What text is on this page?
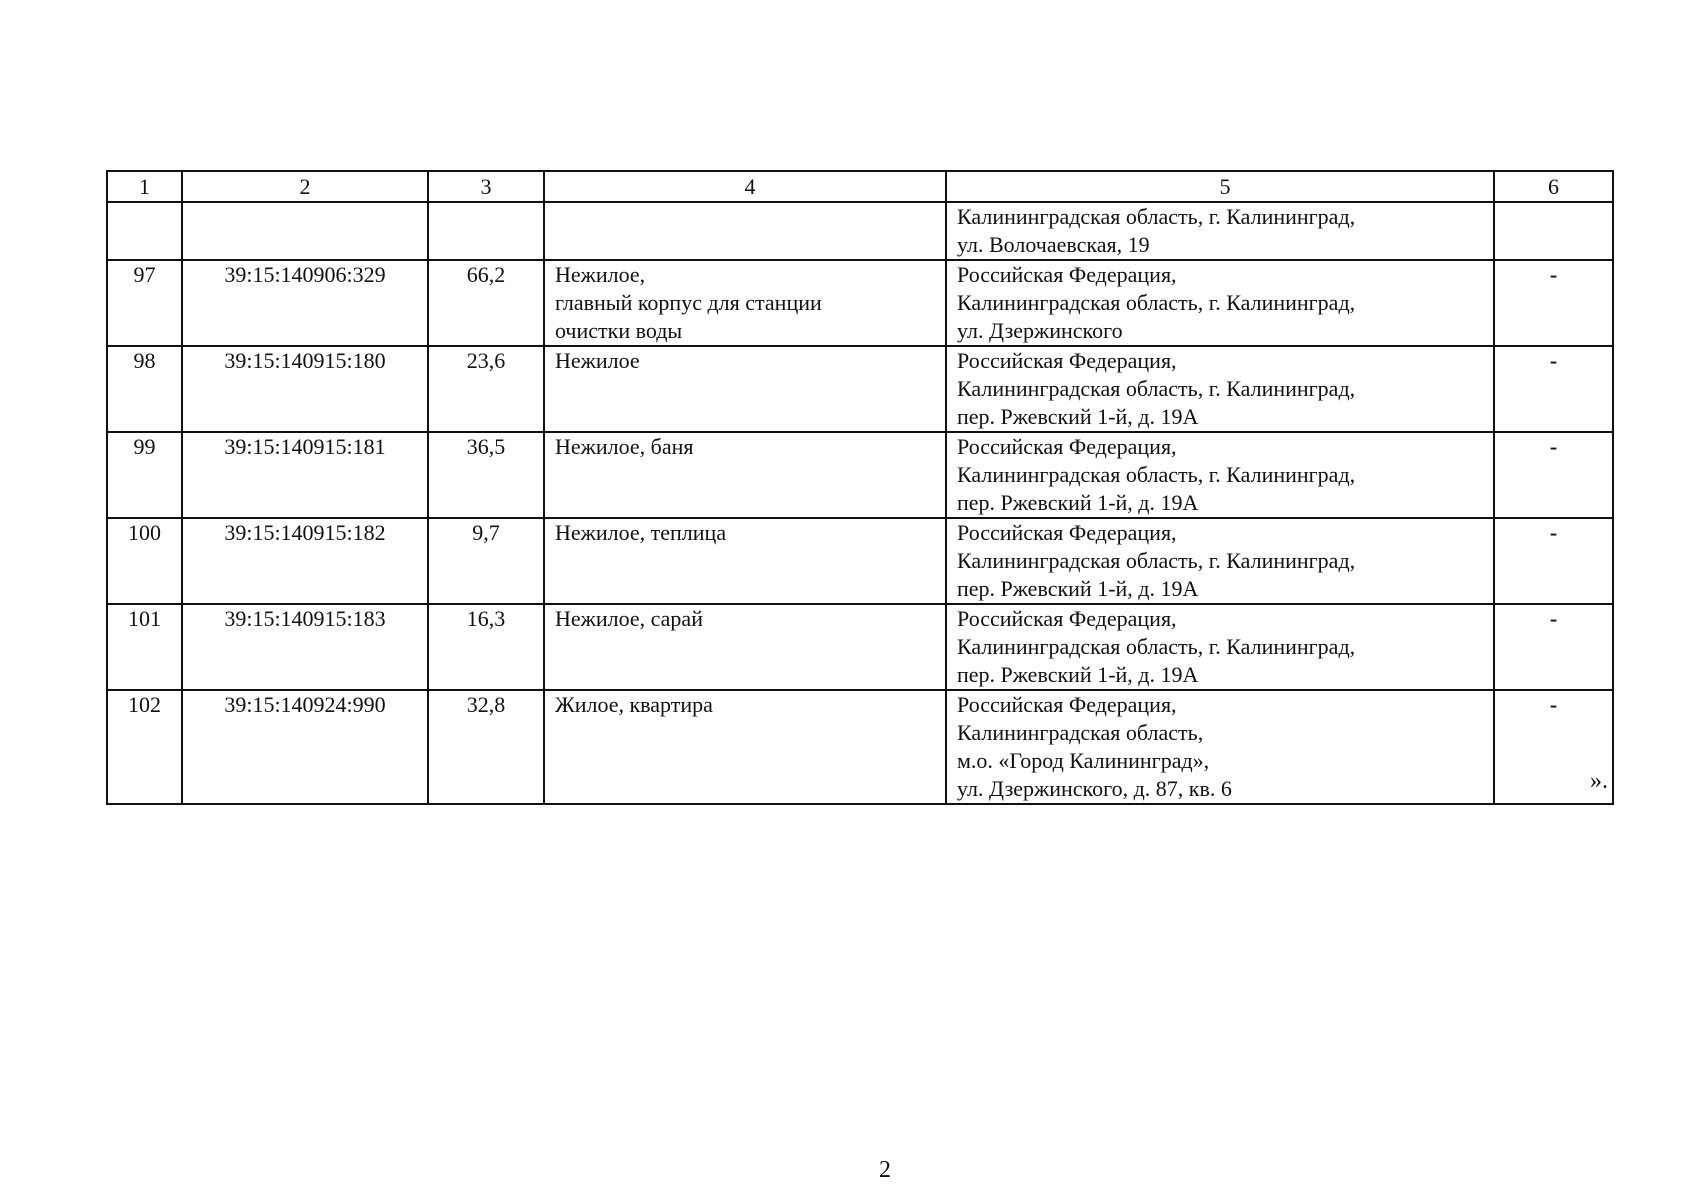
1	2	3	4	5	6

				Калининградская область, г. Калининград,
ул. Волочаевская, 19	

97	39:15:140906:329	66,2	Нежилое,
главный корпус для станции
очистки воды	Российская Федерация,
Калининградская область, г. Калининград,
ул. Дзержинского	-

98	39:15:140915:180	23,6	Нежилое	Российская Федерация,
Калининградская область, г. Калининград,
пер. Ржевский 1-й, д. 19А	-

99	39:15:140915:181	36,5	Нежилое, баня	Российская Федерация,
Калининградская область, г. Калининград,
пер. Ржевский 1-й, д. 19А	-

100	39:15:140915:182	9,7	Нежилое, теплица	Российская Федерация,
Калининградская область, г. Калининград,
пер. Ржевский 1-й, д. 19А	-

101	39:15:140915:183	16,3	Нежилое, сарай	Российская Федерация,
Калининградская область, г. Калининград,
пер. Ржевский 1-й, д. 19А	-

102	39:15:140924:990	32,8	Жилое, квартира	Российская Федерация,
Калининградская область,
м.о. «Город Калининград»,
ул. Дзержинского, д. 87, кв. 6	-
».
2
